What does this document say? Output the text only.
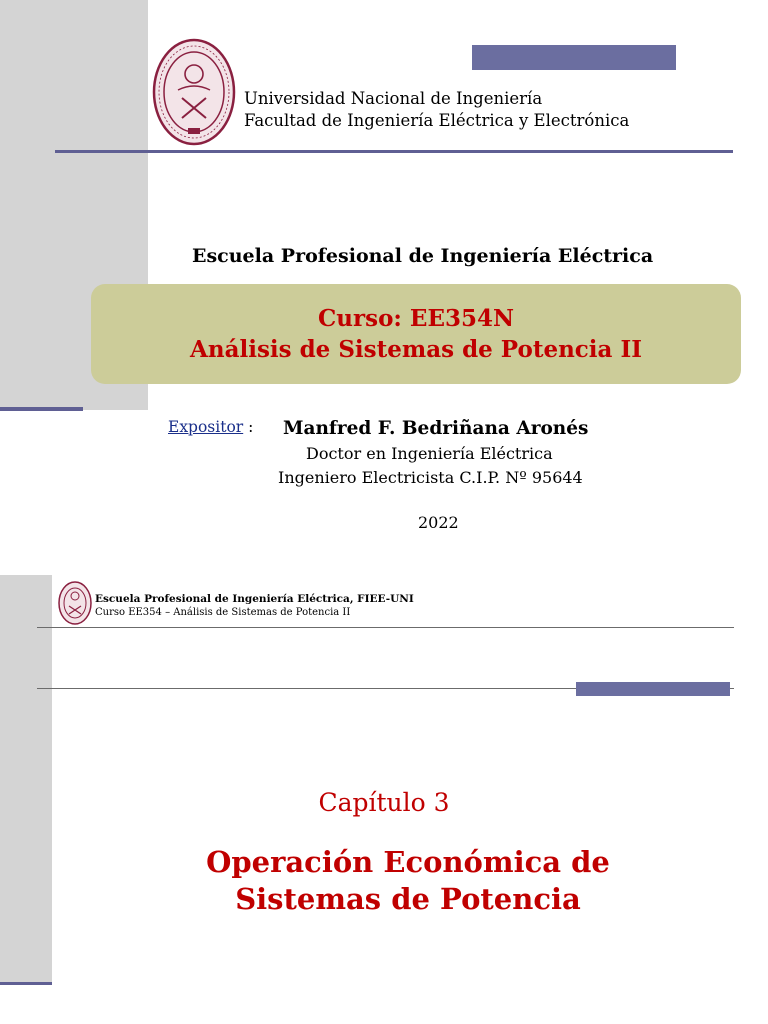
Universidad Nacional de Ingeniería
Facultad de Ingeniería Eléctrica y Electrónica
Escuela Profesional de Ingeniería Eléctrica
Curso: EE354N
Análisis de Sistemas de Potencia II
Expositor : Manfred F. Bedriñana Aronés
Doctor en Ingeniería Eléctrica
Ingeniero Electricista C.I.P. Nº 95644
2022
Escuela Profesional de Ingeniería Eléctrica, FIEE-UNI
Curso EE354 – Análisis de Sistemas de Potencia II
Capítulo 3
Operación Económica de
Sistemas de Potencia
